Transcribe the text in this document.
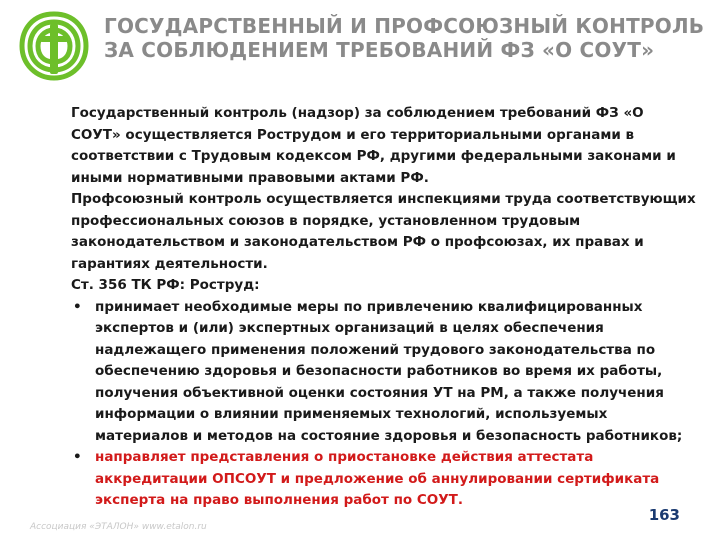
ГОСУДАРСТВЕННЫЙ И ПРОФСОЮЗНЫЙ КОНТРОЛЬ
ЗА СОБЛЮДЕНИЕМ ТРЕБОВАНИЙ ФЗ «О СОУТ»

Государственный контроль (надзор) за соблюдением требований ФЗ «О СОУТ» осуществляется Рострудом и его территориальными органами в соответствии с Трудовым кодексом РФ, другими федеральными законами и иными нормативными правовыми актами РФ.

Профсоюзный контроль осуществляется инспекциями труда соответствующих профессиональных союзов в порядке, установленном трудовым законодательством и законодательством РФ о профсоюзах, их правах и гарантиях деятельности.

Ст. 356 ТК РФ: Роструд:

• принимает необходимые меры по привлечению квалифицированных экспертов и (или) экспертных организаций в целях обеспечения надлежащего применения положений трудового законодательства по обеспечению здоровья и безопасности работников во время их работы, получения объективной оценки состояния УТ на РМ, а также получения информации о влиянии применяемых технологий, используемых материалов и методов на состояние здоровья и безопасность работников;
• направляет представления о приостановке действия аттестата аккредитации ОПСОУТ и предложение об аннулировании сертификата эксперта на право выполнения работ по СОУТ.
Ассоциация «ЭТАЛОН» www.etalon.ru
163
